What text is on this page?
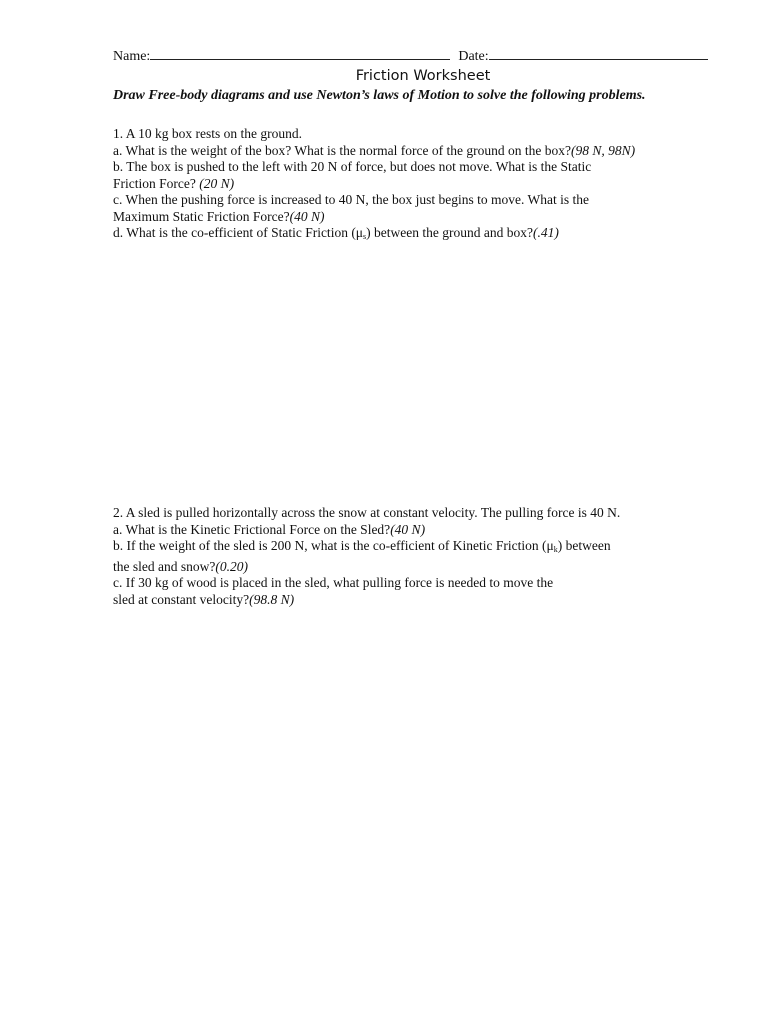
Name:	Date:
Friction Worksheet
Draw Free-body diagrams and use Newton’s laws of Motion to solve the following problems.

1. A 10 kg box rests on the ground.

a. What is the weight of the box? What is the normal force of the ground on the box?(98 N, 98N)

b. The box is pushed to the left with 20 N of force, but does not move. What is the Static

Friction Force? (20 N)

c. When the pushing force is increased to 40 N, the box just begins to move. What is the

Maximum Static Friction Force?(40 N)

d. What is the co-efficient of Static Friction $(\mu_s)$ between the ground and box?(.41)

2. A sled is pulled horizontally across the snow at constant velocity. The pulling force is 40 N.

a. What is the Kinetic Frictional Force on the Sled?(40 N)

b. If the weight of the sled is 200 N, what is the co-efficient of Kinetic Friction $(\mu_k)$ between

the sled and snow?(0.20)

c. If 30 kg of wood is placed in the sled, what pulling force is needed to move the

sled at constant velocity?(98.8 N)
